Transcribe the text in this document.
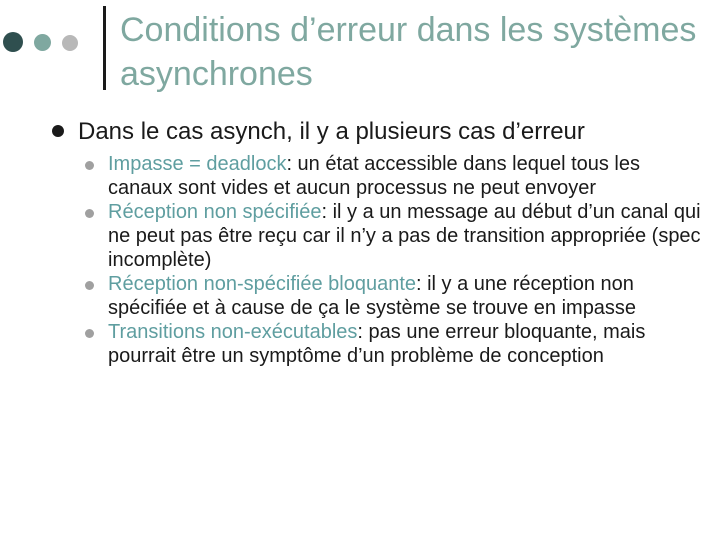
Conditions d’erreur dans les systèmes asynchrones
Dans le cas asynch, il y a plusieurs cas d’erreur
Impasse = deadlock: un état accessible dans lequel tous les canaux sont vides et aucun processus ne peut envoyer
Réception non spécifiée: il y a un message au début d’un canal qui ne peut pas être reçu car il n’y a pas de transition appropriée (spec incomplète)
Réception non-spécifiée bloquante: il y a une réception non spécifiée et à cause de ça le système se trouve en impasse
Transitions non-exécutables: pas une erreur bloquante, mais pourrait être un symptôme d’un problème de conception
